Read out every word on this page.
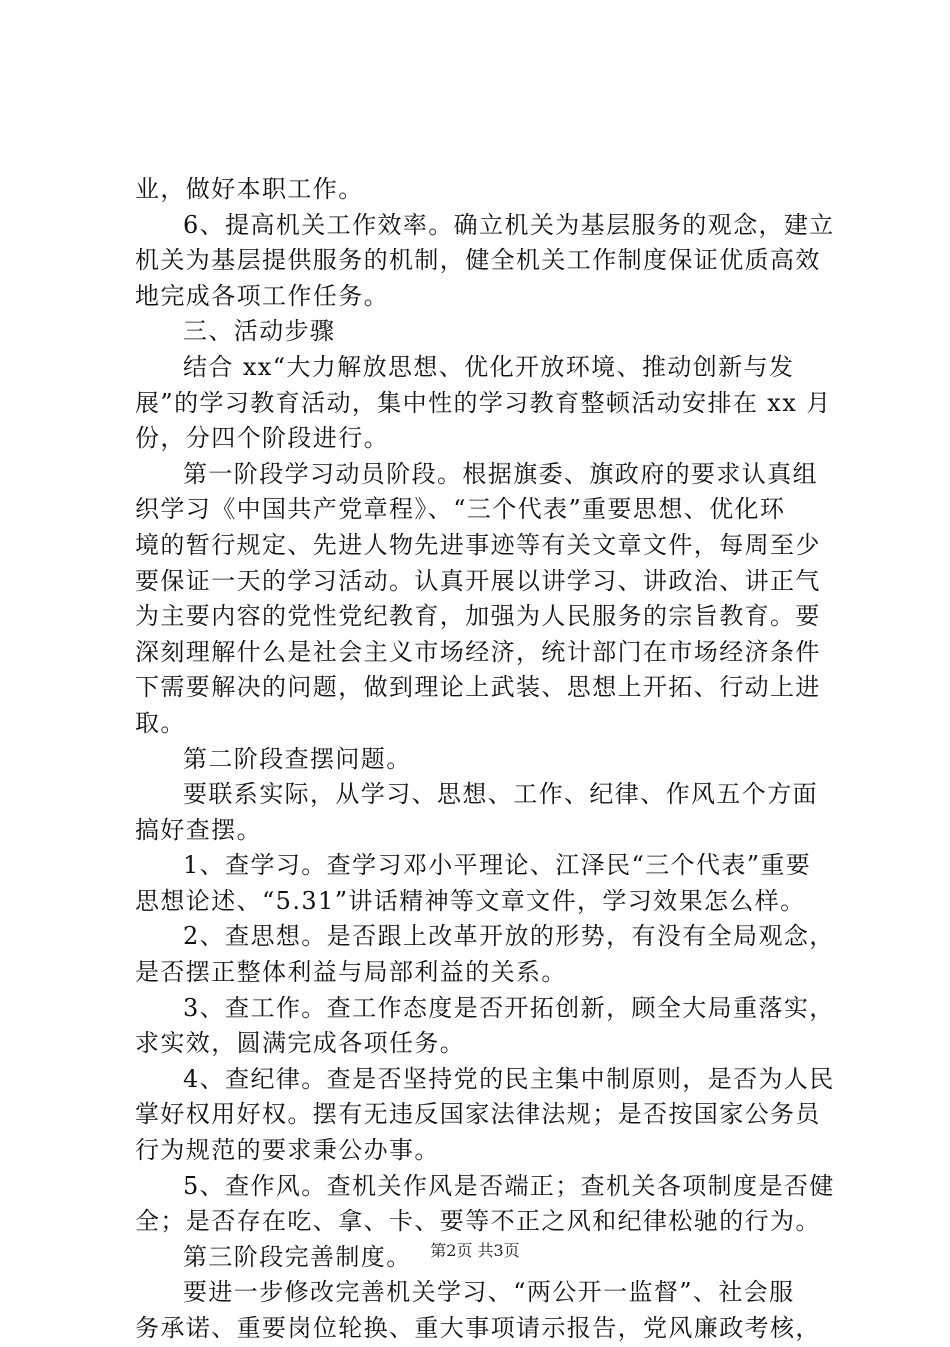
业，做好本职工作。
6、提高机关工作效率。确立机关为基层服务的观念，建立
机关为基层提供服务的机制，健全机关工作制度保证优质高效
地完成各项工作任务。
三、活动步骤
结合 xx“大力解放思想、优化开放环境、推动创新与发
展”的学习教育活动，集中性的学习教育整顿活动安排在 xx 月
份，分四个阶段进行。
第一阶段学习动员阶段。根据旗委、旗政府的要求认真组
织学习《中国共产党章程》、“三个代表”重要思想、优化环
境的暂行规定、先进人物先进事迹等有关文章文件，每周至少
要保证一天的学习活动。认真开展以讲学习、讲政治、讲正气
为主要内容的党性党纪教育，加强为人民服务的宗旨教育。要
深刻理解什么是社会主义市场经济，统计部门在市场经济条件
下需要解决的问题，做到理论上武装、思想上开拓、行动上进
取。
第二阶段查摆问题。
要联系实际，从学习、思想、工作、纪律、作风五个方面
搞好查摆。
1、查学习。查学习邓小平理论、江泽民“三个代表”重要
思想论述、“5.31”讲话精神等文章文件，学习效果怎么样。
2、查思想。是否跟上改革开放的形势，有没有全局观念，
是否摆正整体利益与局部利益的关系。
3、查工作。查工作态度是否开拓创新，顾全大局重落实，
求实效，圆满完成各项任务。
4、查纪律。查是否坚持党的民主集中制原则，是否为人民
掌好权用好权。摆有无违反国家法律法规；是否按国家公务员
行为规范的要求秉公办事。
5、查作风。查机关作风是否端正；查机关各项制度是否健
全；是否存在吃、拿、卡、要等不正之风和纪律松驰的行为。
第三阶段完善制度。
要进一步修改完善机关学习、“两公开一监督”、社会服
务承诺、重要岗位轮换、重大事项请示报告，党风廉政考核，
第2页 共3页
